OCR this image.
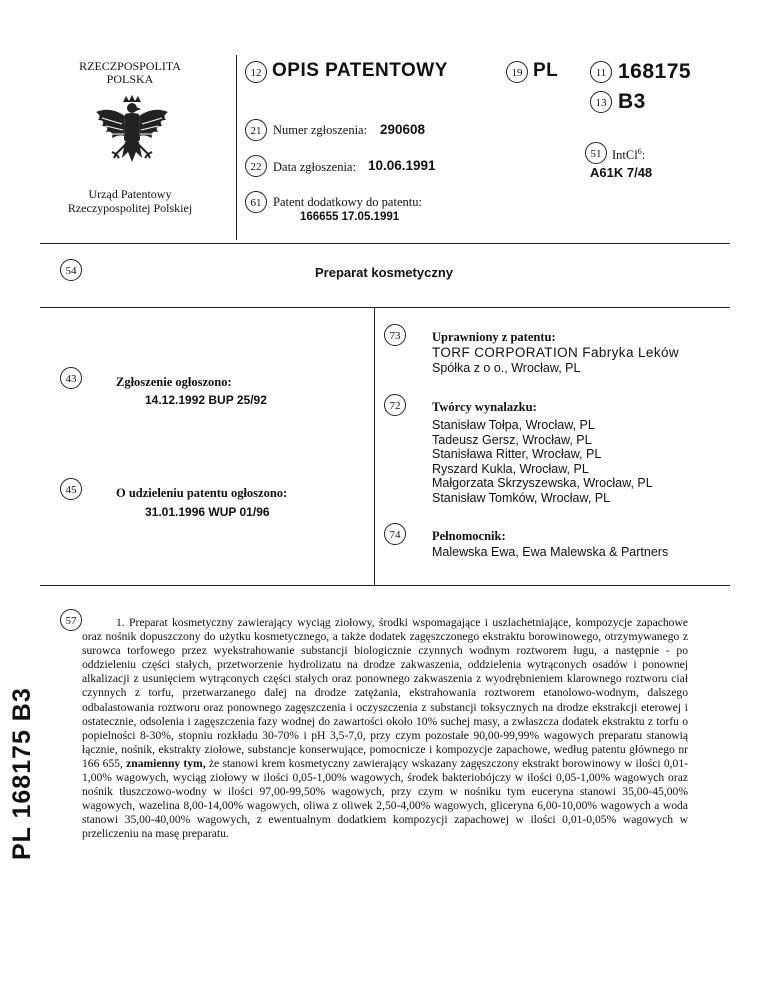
RZECZPOSPOLITA
POLSKA
Urząd Patentowy
Rzeczypospolitej Polskiej
12 OPIS PATENTOWY	19 PL	11 168175
13 B3
21 Numer zgłoszenia: 290608
22 Data zgłoszenia: 10.06.1991
61 Patent dodatkowy do patentu:
166655 17.05.1991
51 IntCl$^6$:
A61K 7/48
54	Preparat kosmetyczny
43	Zgłoszenie ogłoszono:
14.12.1992 BUP 25/92
45	O udzieleniu patentu ogłoszono:
31.01.1996 WUP 01/96
73	Uprawniony z patentu:
TORF CORPORATION Fabryka Leków
Spółka z o o., Wrocław, PL
72	Twórcy wynalazku:
Stanisław Tołpa, Wrocław, PL
Tadeusz Gersz, Wrocław, PL
Stanisława Ritter, Wrocław, PL
Ryszard Kukla, Wrocław, PL
Małgorzata Skrzyszewska, Wrocław, PL
Stanisław Tomków, Wrocław, PL
74	Pełnomocnik:
Malewska Ewa, Ewa Malewska & Partners
57	1. Preparat kosmetyczny zawierający wyciąg ziołowy, środki wspomagające i uszlachetniające, kompozycje zapachowe oraz nośnik dopuszczony do użytku kosmetycznego, a także dodatek zagęszczonego ekstraktu borowinowego, otrzymywanego z surowca torfowego przez wyekstrahowanie substancji biologicznie czynnych wodnym roztworem ługu, a następnie - po oddzieleniu części stałych, przetworzenie hydrolizatu na drodze zakwaszenia, oddzielenia wytrąconych osadów i ponownej alkalizacji z usunięciem wytrąconych części stałych oraz ponownego zakwaszenia z wyodrębnieniem klarownego roztworu ciał czynnych z torfu, przetwarzanego dalej na drodze zatężania, ekstrahowania roztworem etanolowo-wodnym, dalszego odbalastowania roztworu oraz ponownego zagęszczenia i oczyszczenia z substancji toksycznych na drodze ekstrakcji eterowej i ostatecznie, odsolenia i zagęszczenia fazy wodnej do zawartości około 10% suchej masy, a zwłaszcza dodatek ekstraktu z torfu o popielności 8-30%, stopniu rozkładu 30-70% i pH 3,5-7,0, przy czym pozostałe 90,00-99,99% wagowych preparatu stanowią łącznie, nośnik, ekstrakty ziołowe, substancje konserwujące, pomocnicze i kompozycje zapachowe, według patentu głównego nr 166 655, znamienny tym, że stanowi krem kosmetyczny zawierający wskazany zagęszczony ekstrakt borowinowy w ilości 0,01-1,00% wagowych, wyciąg ziołowy w ilości 0,05-1,00% wagowych, środek bakteriobójczy w ilości 0,05-1,00% wagowych oraz nośnik tłuszczowo-wodny w ilości 97,00-99,50% wagowych, przy czym w nośniku tym euceryna stanowi 35,00-45,00% wagowych, wazelina 8,00-14,00% wagowych, oliwa z oliwek 2,50-4,00% wagowych, gliceryna 6,00-10,00% wagowych a woda stanowi 35,00-40,00% wagowych, z ewentualnym dodatkiem kompozycji zapachowej w ilości 0,01-0,05% wagowych w przeliczeniu na masę preparatu.
PL 168175 B3
